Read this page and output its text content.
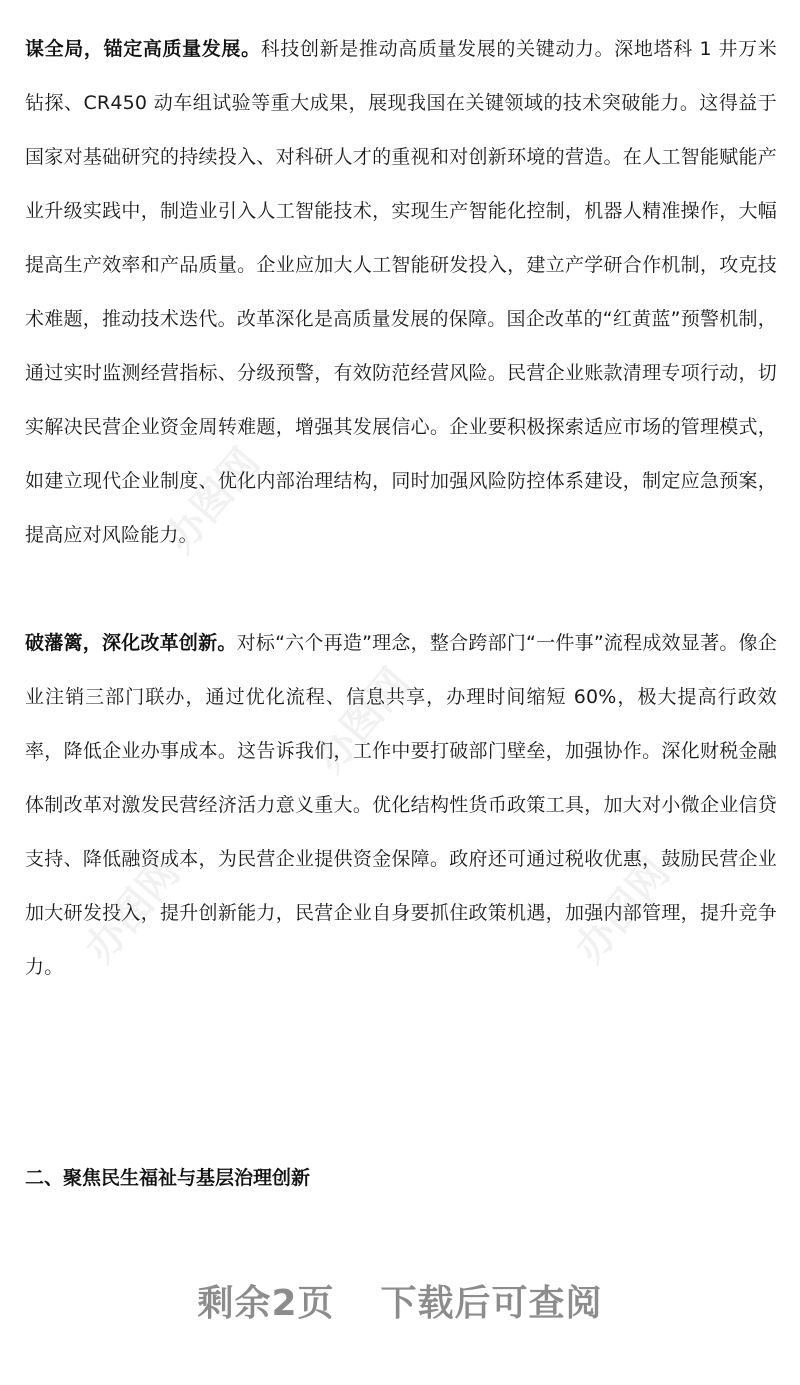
办图网
办图网
办图网	办图网

谋全局，锚定高质量发展。科技创新是推动高质量发展的关键动力。深地塔科 1 井万米钻探、CR450 动车组试验等重大成果，展现我国在关键领域的技术突破能力。这得益于国家对基础研究的持续投入、对科研人才的重视和对创新环境的营造。在人工智能赋能产业升级实践中，制造业引入人工智能技术，实现生产智能化控制，机器人精准操作，大幅提高生产效率和产品质量。企业应加大人工智能研发投入，建立产学研合作机制，攻克技术难题，推动技术迭代。改革深化是高质量发展的保障。国企改革的“红黄蓝”预警机制，通过实时监测经营指标、分级预警，有效防范经营风险。民营企业账款清理专项行动，切实解决民营企业资金周转难题，增强其发展信心。企业要积极探索适应市场的管理模式，如建立现代企业制度、优化内部治理结构，同时加强风险防控体系建设，制定应急预案，提高应对风险能力。

破藩篱，深化改革创新。对标“六个再造”理念，整合跨部门“一件事”流程成效显著。像企业注销三部门联办，通过优化流程、信息共享，办理时间缩短 60%，极大提高行政效率，降低企业办事成本。这告诉我们，工作中要打破部门壁垒，加强协作。深化财税金融体制改革对激发民营经济活力意义重大。优化结构性货币政策工具，加大对小微企业信贷支持、降低融资成本，为民营企业提供资金保障。政府还可通过税收优惠，鼓励民营企业加大研发投入，提升创新能力，民营企业自身要抓住政策机遇，加强内部管理，提升竞争力。

二、聚焦民生福祉与基层治理创新
剩余2页 下载后可查阅
